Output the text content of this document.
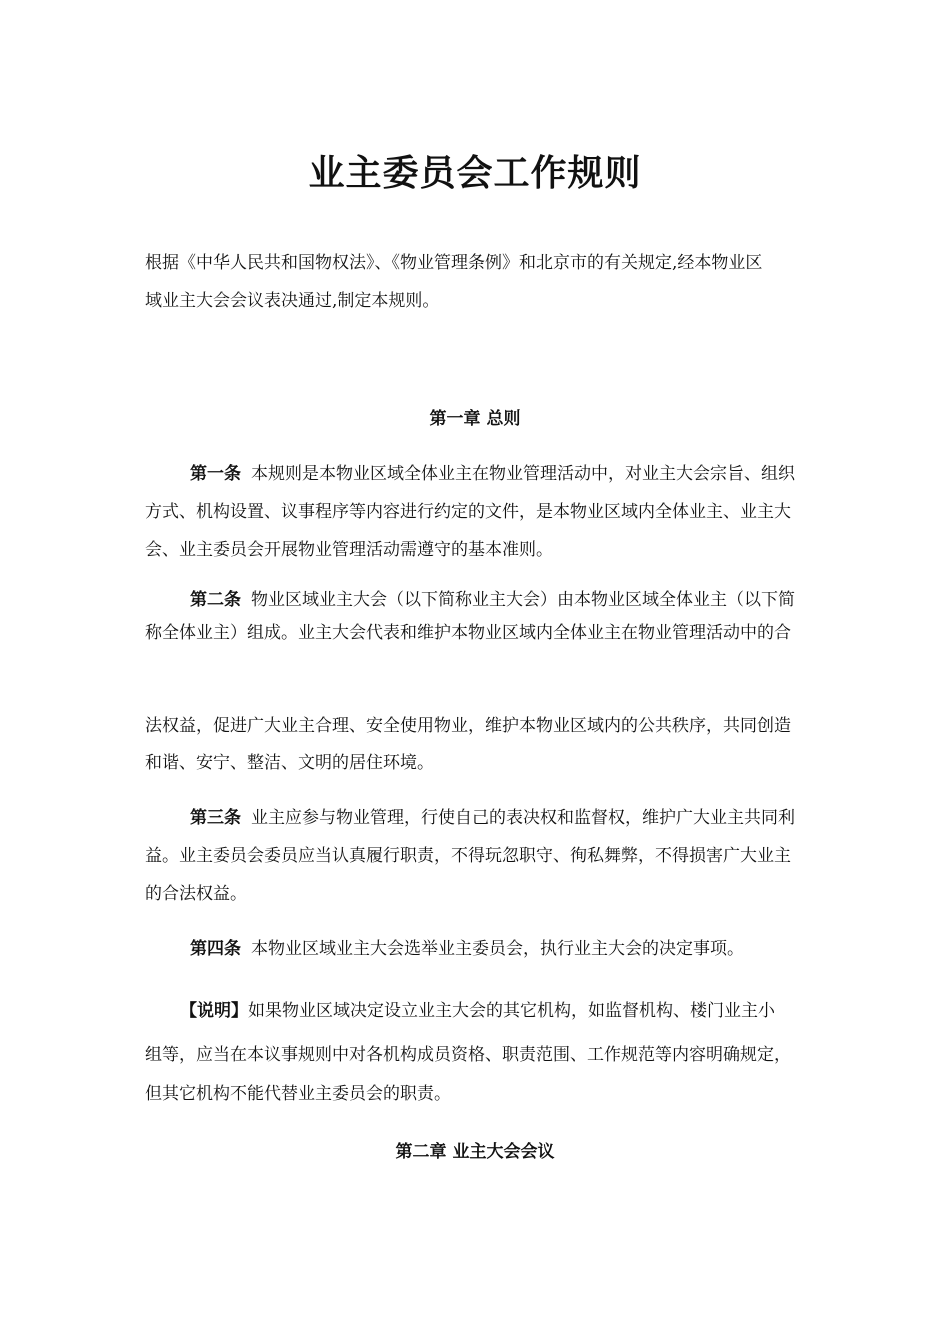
业主委员会工作规则
根据《中华人民共和国物权法》、《物业管理条例》和北京市的有关规定,经本物业区
域业主大会会议表决通过,制定本规则。
第一章 总则
第一条 本规则是本物业区域全体业主在物业管理活动中，对业主大会宗旨、组织
方式、机构设置、议事程序等内容进行约定的文件，是本物业区域内全体业主、业主大
会、业主委员会开展物业管理活动需遵守的基本准则。
第二条 物业区域业主大会（以下简称业主大会）由本物业区域全体业主（以下简
称全体业主）组成。业主大会代表和维护本物业区域内全体业主在物业管理活动中的合
法权益，促进广大业主合理、安全使用物业，维护本物业区域内的公共秩序，共同创造
和谐、安宁、整洁、文明的居住环境。
第三条 业主应参与物业管理，行使自己的表决权和监督权，维护广大业主共同利
益。业主委员会委员应当认真履行职责，不得玩忽职守、徇私舞弊，不得损害广大业主
的合法权益。
第四条 本物业区域业主大会选举业主委员会，执行业主大会的决定事项。
【说明】如果物业区域决定设立业主大会的其它机构，如监督机构、楼门业主小
组等，应当在本议事规则中对各机构成员资格、职责范围、工作规范等内容明确规定，
但其它机构不能代替业主委员会的职责。
第二章 业主大会会议
